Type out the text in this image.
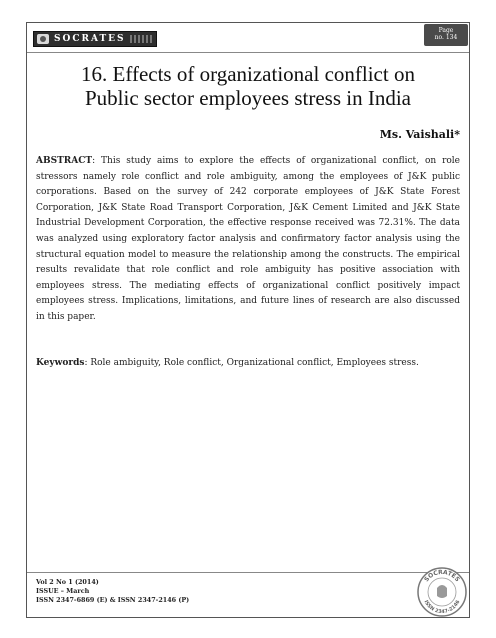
SOCRATES
Page
no. 134
16. Effects of organizational conflict on
Public sector employees stress in India
Ms. Vaishali*

ABSTRACT: This study aims to explore the effects of organizational conflict, on role stressors namely role conflict and role ambiguity, among the employees of J&K public corporations. Based on the survey of 242 corporate employees of J&K State Forest Corporation, J&K State Road Transport Corporation, J&K Cement Limited and J&K State Industrial Development Corporation, the effective response received was 72.31%. The data was analyzed using exploratory factor analysis and confirmatory factor analysis using the structural equation model to measure the relationship among the constructs. The empirical results revalidate that role conflict and role ambiguity has positive association with employees stress. The mediating effects of organizational conflict positively impact employees stress. Implications, limitations, and future lines of research are also discussed in this paper.

Keywords: Role ambiguity, Role conflict, Organizational conflict, Employees stress.

Vol 2 No 1 (2014)
ISSUE – March
ISSN 2347-6869 (E) & ISSN 2347-2146 (P)
SOCRATES
ISSN 2347-2146
